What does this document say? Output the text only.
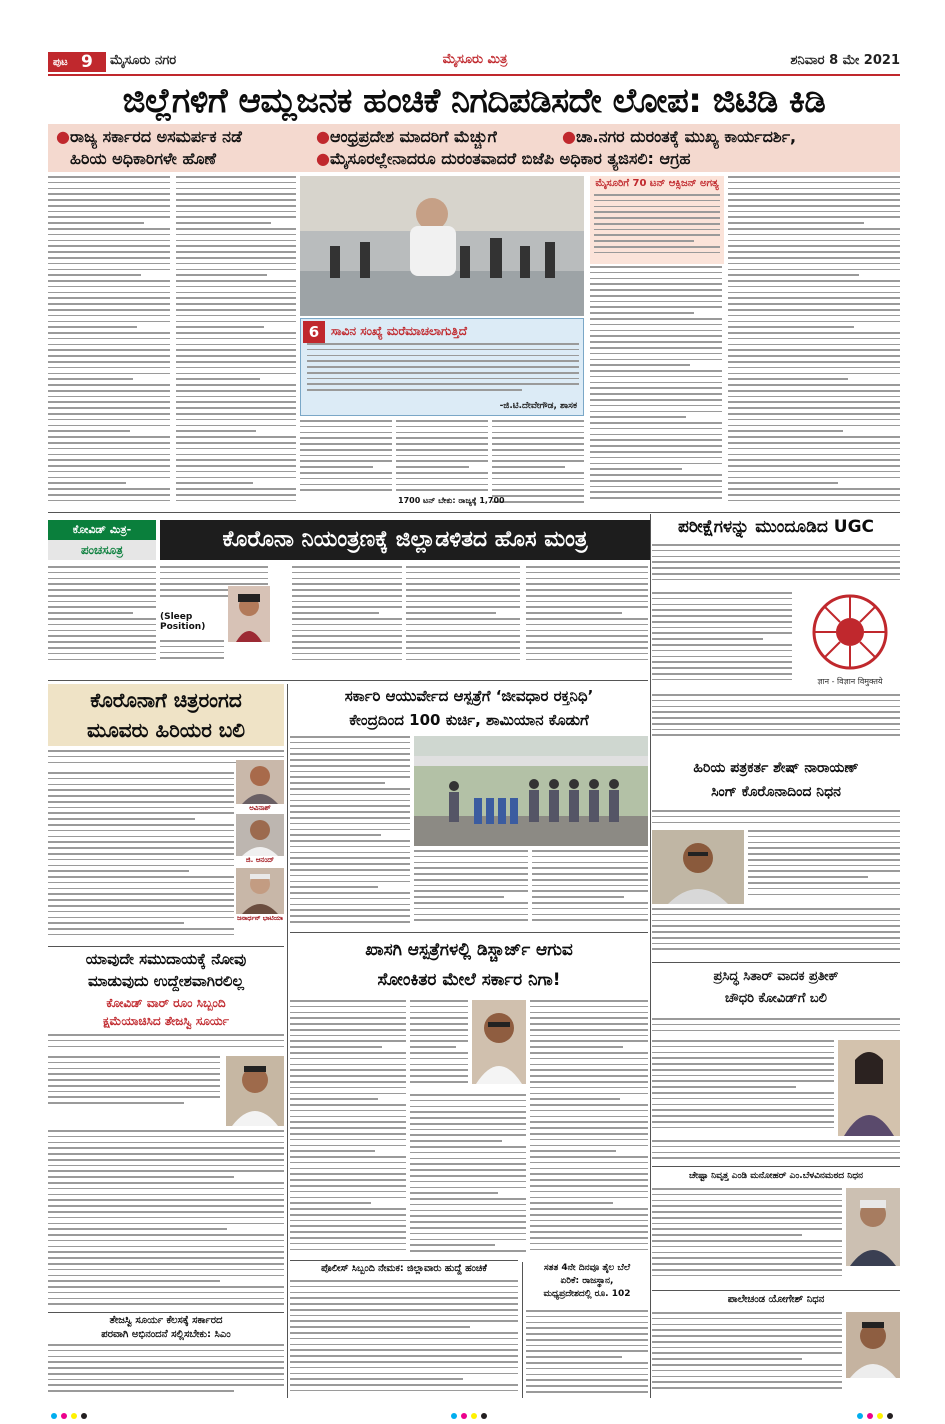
ಪುಟ 9 ಮೈಸೂರು ನಗರ	ಮೈಸೂರು ಮಿತ್ರ	ಶನಿವಾರ 8 ಮೇ 2021
ಜಿಲ್ಲೆಗಳಿಗೆ ಆಮ್ಲಜನಕ ಹಂಚಿಕೆ ನಿಗದಿಪಡಿಸದೇ ಲೋಪ: ಜಿಟಿಡಿ ಕಿಡಿ
●ರಾಜ್ಯ ಸರ್ಕಾರದ ಅಸಮರ್ಪಕ ನಡೆ	●ಆಂಧ್ರಪ್ರದೇಶ ಮಾದರಿಗೆ ಮೆಚ್ಚುಗೆ	●ಚಾ.ನಗರ ದುರಂತಕ್ಕೆ ಮುಖ್ಯ ಕಾರ್ಯದರ್ಶಿ,
ಹಿರಿಯ ಅಧಿಕಾರಿಗಳೇ ಹೊಣೆ	●ಮೈಸೂರಲ್ಲೇನಾದರೂ ದುರಂತವಾದರೆ ಬಿಜೆಪಿ ಅಧಿಕಾರ ತ್ಯಜಿಸಲಿ: ಆಗ್ರಹ
6 ಸಾವಿನ ಸಂಖ್ಯೆ ಮರೆಮಾಚಲಾಗುತ್ತಿದೆ
-ಜಿ.ಟಿ.ದೇವೇಗೌಡ, ಶಾಸಕ
1700 ಟನ್ ಬೇಕು: ರಾಜ್ಯಕ್ಕೆ 1,700
ಮೈಸೂರಿಗೆ 70 ಟನ್ ಆಕ್ಸಿಜನ್ ಅಗತ್ಯ
ಕೋವಿಡ್ ಮಿತ್ರ-
ಪಂಚಸೂತ್ರ	ಕೊರೊನಾ ನಿಯಂತ್ರಣಕ್ಕೆ ಜಿಲ್ಲಾಡಳಿತದ ಹೊಸ ಮಂತ್ರ
(Sleep Position)
ಪರೀಕ್ಷೆಗಳನ್ನು ಮುಂದೂಡಿದ UGC
ज्ञान - विज्ञान विमुक्तये
ಕೊರೊನಾಗೆ ಚಿತ್ರರಂಗದ
ಮೂವರು ಹಿರಿಯರ ಬಲಿ
ಅವಿನಾಶ್
ಜಿ. ಆನಂದ್
ಜನಾರ್ಧನ್ ಭಾಟಿಯಾ
ಸರ್ಕಾರಿ ಆಯುರ್ವೇದ ಆಸ್ಪತ್ರೆಗೆ ‘ಜೀವಧಾರ ರಕ್ತನಿಧಿ’
ಕೇಂದ್ರದಿಂದ 100 ಕುರ್ಚಿ, ಶಾಮಿಯಾನ ಕೊಡುಗೆ
ಹಿರಿಯ ಪತ್ರಕರ್ತ ಶೇಷ್ ನಾರಾಯಣ್
ಸಿಂಗ್ ಕೊರೊನಾದಿಂದ ನಿಧನ
ಯಾವುದೇ ಸಮುದಾಯಕ್ಕೆ ನೋವು
ಮಾಡುವುದು ಉದ್ದೇಶವಾಗಿರಲಿಲ್ಲ
ಕೋವಿಡ್ ವಾರ್ ರೂಂ ಸಿಬ್ಬಂದಿ
ಕ್ಷಮೆಯಾಚಿಸಿದ ತೇಜಸ್ವಿ ಸೂರ್ಯ
ತೇಜಸ್ವಿ ಸೂರ್ಯ ಕೆಲಸಕ್ಕೆ ಸರ್ಕಾರದ
ಪರವಾಗಿ ಅಭಿನಂದನೆ ಸಲ್ಲಿಸಬೇಕು: ಸಿಎಂ
ಖಾಸಗಿ ಆಸ್ಪತ್ರೆಗಳಲ್ಲಿ ಡಿಸ್ಚಾರ್ಜ್ ಆಗುವ
ಸೋಂಕಿತರ ಮೇಲೆ ಸರ್ಕಾರ ನಿಗಾ!
ಪೊಲೀಸ್ ಸಿಬ್ಬಂದಿ ನೇಮಕ: ಜಿಲ್ಲಾವಾರು ಹುದ್ದೆ ಹಂಚಿಕೆ	ಸತತ 4ನೇ ದಿನವೂ ತೈಲ ಬೆಲೆ
ಏರಿಕೆ: ರಾಜಸ್ಥಾನ,
ಮಧ್ಯಪ್ರದೇಶದಲ್ಲಿ ರೂ. 102
ಪ್ರಸಿದ್ಧ ಸಿತಾರ್ ವಾದಕ ಪ್ರತೀಕ್
ಚೌಧರಿ ಕೋವಿಡ್‌ಗೆ ಬಲಿ
ಚೇಷ್ಟಾ ನಿವೃತ್ತ ಎಂಡಿ ಮನೋಹರ್ ಎಂ.ಬೆಳವಿನಮಠದ ನಿಧನ
ಪಾಲೇಚಂಡ ಯೋಗೇಶ್ ನಿಧನ
